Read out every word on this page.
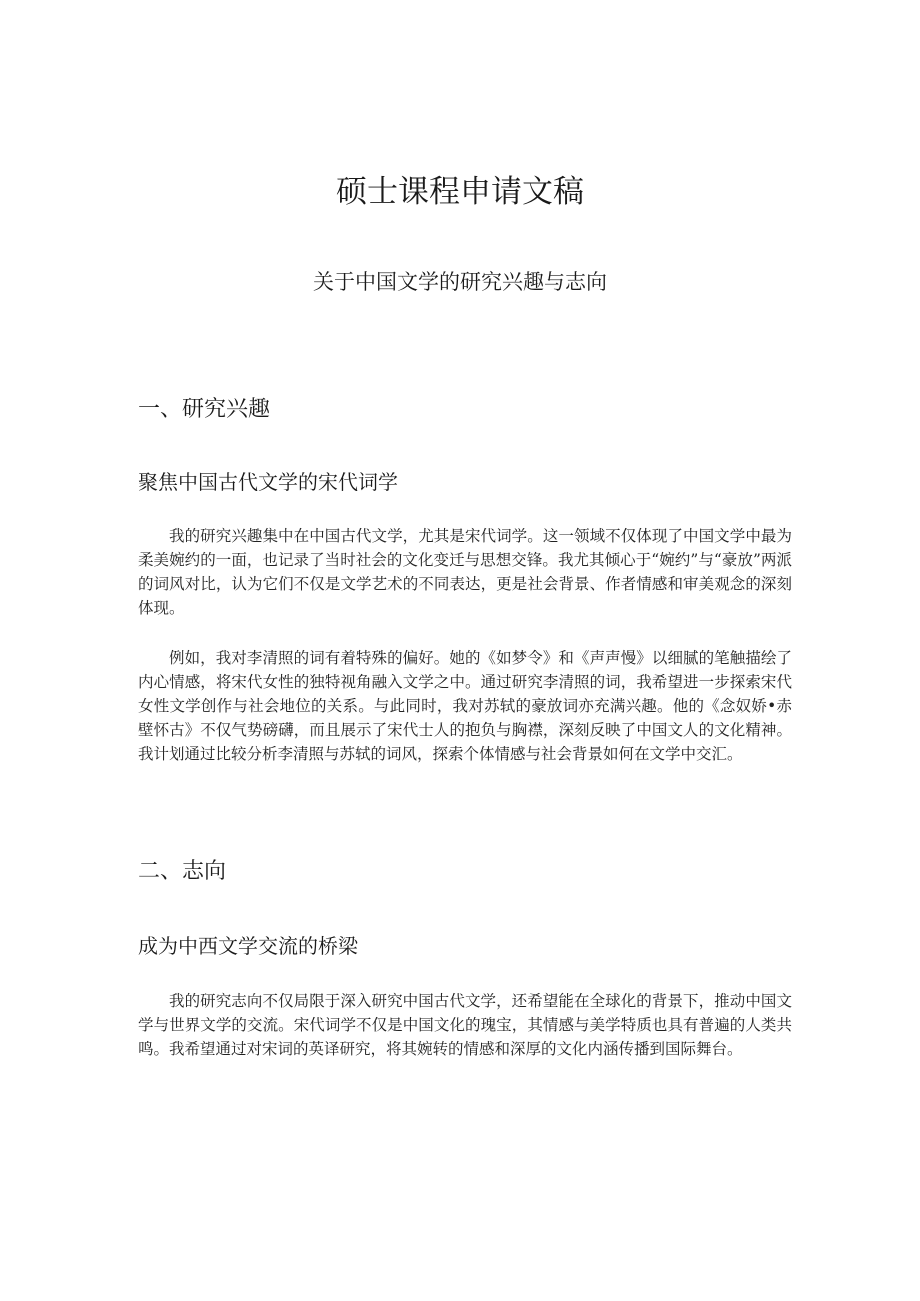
硕士课程申请文稿
关于中国文学的研究兴趣与志向
一、研究兴趣
聚焦中国古代文学的宋代词学

我的研究兴趣集中在中国古代文学，尤其是宋代词学。这一领域不仅体现了中国文学中最为柔美婉约的一面，也记录了当时社会的文化变迁与思想交锋。我尤其倾心于“婉约”与“豪放”两派的词风对比，认为它们不仅是文学艺术的不同表达，更是社会背景、作者情感和审美观念的深刻体现。

例如，我对李清照的词有着特殊的偏好。她的《如梦令》和《声声慢》以细腻的笔触描绘了内心情感，将宋代女性的独特视角融入文学之中。通过研究李清照的词，我希望进一步探索宋代女性文学创作与社会地位的关系。与此同时，我对苏轼的豪放词亦充满兴趣。他的《念奴娇•赤壁怀古》不仅气势磅礴，而且展示了宋代士人的抱负与胸襟，深刻反映了中国文人的文化精神。我计划通过比较分析李清照与苏轼的词风，探索个体情感与社会背景如何在文学中交汇。

二、志向
成为中西文学交流的桥梁

我的研究志向不仅局限于深入研究中国古代文学，还希望能在全球化的背景下，推动中国文学与世界文学的交流。宋代词学不仅是中国文化的瑰宝，其情感与美学特质也具有普遍的人类共鸣。我希望通过对宋词的英译研究，将其婉转的情感和深厚的文化内涵传播到国际舞台。
